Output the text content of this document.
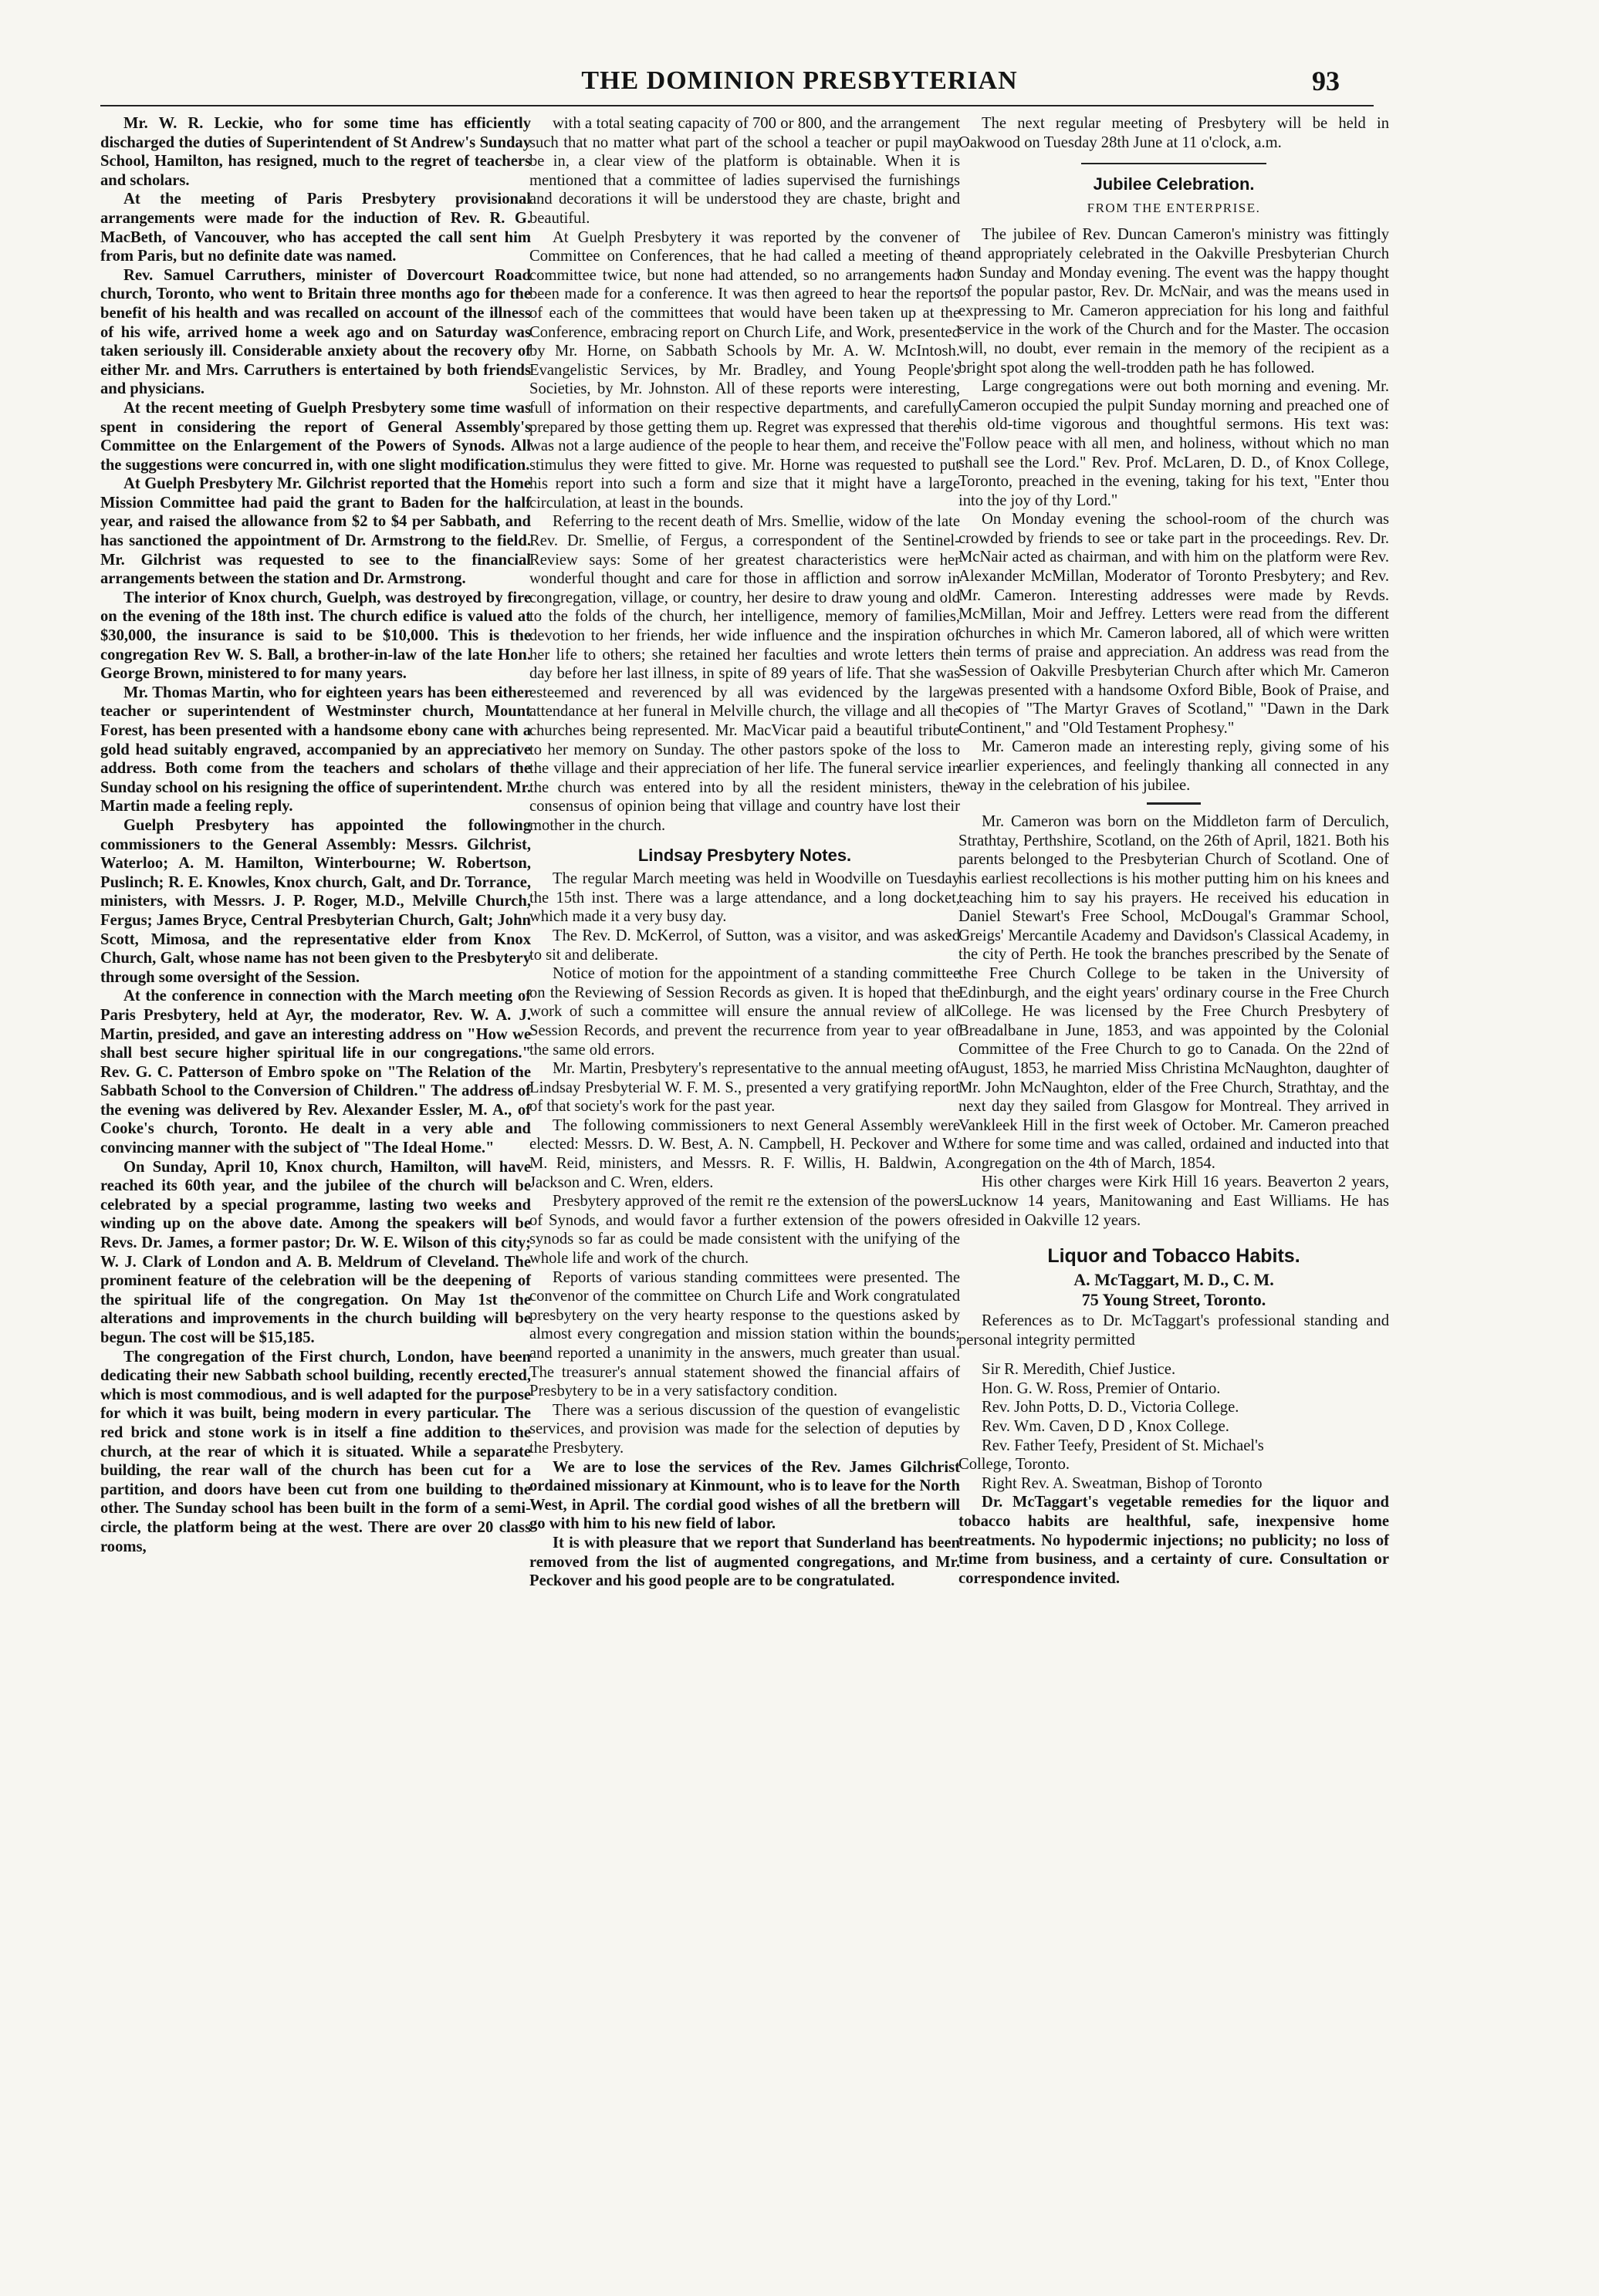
THE DOMINION PRESBYTERIAN	93

Mr. W. R. Leckie, who for some time has efficiently discharged the duties of Superintendent of St Andrew's Sunday School, Hamilton, has resigned, much to the regret of teachers and scholars.

At the meeting of Paris Presbytery provisional arrangements were made for the induction of Rev. R. G. MacBeth, of Vancouver, who has accepted the call sent him from Paris, but no definite date was named.

Rev. Samuel Carruthers, minister of Dovercourt Road church, Toronto, who went to Britain three months ago for the benefit of his health and was recalled on account of the illness of his wife, arrived home a week ago and on Saturday was taken seriously ill. Considerable anxiety about the recovery of either Mr. and Mrs. Carruthers is entertained by both friends and physicians.

At the recent meeting of Guelph Presbytery some time was spent in considering the report of General Assembly's Committee on the Enlargement of the Powers of Synods. All the suggestions were concurred in, with one slight modification.

At Guelph Presbytery Mr. Gilchrist reported that the Home Mission Committee had paid the grant to Baden for the half year, and raised the allowance from $2 to $4 per Sabbath, and has sanctioned the appointment of Dr. Armstrong to the field. Mr. Gilchrist was requested to see to the financial arrangements between the station and Dr. Armstrong.

The interior of Knox church, Guelph, was destroyed by fire on the evening of the 18th inst. The church edifice is valued at $30,000, the insurance is said to be $10,000. This is the congregation Rev W. S. Ball, a brother-in-law of the late Hon. George Brown, ministered to for many years.

Mr. Thomas Martin, who for eighteen years has been either teacher or superintendent of Westminster church, Mount Forest, has been presented with a handsome ebony cane with a gold head suitably engraved, accompanied by an appreciative address. Both come from the teachers and scholars of the Sunday school on his resigning the office of superintendent. Mr. Martin made a feeling reply.

Guelph Presbytery has appointed the following commissioners to the General Assembly: Messrs. Gilchrist, Waterloo; A. M. Hamilton, Winterbourne; W. Robertson, Puslinch; R. E. Knowles, Knox church, Galt, and Dr. Torrance, ministers, with Messrs. J. P. Roger, M.D., Melville Church, Fergus; James Bryce, Central Presbyterian Church, Galt; John Scott, Mimosa, and the representative elder from Knox Church, Galt, whose name has not been given to the Presbytery through some oversight of the Session.

At the conference in connection with the March meeting of Paris Presbytery, held at Ayr, the moderator, Rev. W. A. J. Martin, presided, and gave an interesting address on "How we shall best secure higher spiritual life in our congregations." Rev. G. C. Patterson of Embro spoke on "The Relation of the Sabbath School to the Conversion of Children." The address of the evening was delivered by Rev. Alexander Essler, M. A., of Cooke's church, Toronto. He dealt in a very able and convincing manner with the subject of "The Ideal Home."

On Sunday, April 10, Knox church, Hamilton, will have reached its 60th year, and the jubilee of the church will be celebrated by a special programme, lasting two weeks and winding up on the above date. Among the speakers will be Revs. Dr. James, a former pastor; Dr. W. E. Wilson of this city; W. J. Clark of London and A. B. Meldrum of Cleveland. The prominent feature of the celebration will be the deepening of the spiritual life of the congregation. On May 1st the alterations and improvements in the church building will be begun. The cost will be $15,185.

The congregation of the First church, London, have been dedicating their new Sabbath school building, recently erected, which is most commodious, and is well adapted for the purpose for which it was built, being modern in every particular. The red brick and stone work is in itself a fine addition to the church, at the rear of which it is situated. While a separate building, the rear wall of the church has been cut for a partition, and doors have been cut from one building to the other. The Sunday school has been built in the form of a semi-circle, the platform being at the west. There are over 20 class rooms,

with a total seating capacity of 700 or 800, and the arrangement such that no matter what part of the school a teacher or pupil may be in, a clear view of the platform is obtainable. When it is mentioned that a committee of ladies supervised the furnishings and decorations it will be understood they are chaste, bright and beautiful.

At Guelph Presbytery it was reported by the convener of Committee on Conferences, that he had called a meeting of the committee twice, but none had attended, so no arrangements had been made for a conference. It was then agreed to hear the reports of each of the committees that would have been taken up at the Conference, embracing report on Church Life, and Work, presented by Mr. Horne, on Sabbath Schools by Mr. A. W. McIntosh. Evangelistic Services, by Mr. Bradley, and Young People's Societies, by Mr. Johnston. All of these reports were interesting, full of information on their respective departments, and carefully prepared by those getting them up. Regret was expressed that there was not a large audience of the people to hear them, and receive the stimulus they were fitted to give. Mr. Horne was requested to put his report into such a form and size that it might have a large circulation, at least in the bounds.

Referring to the recent death of Mrs. Smellie, widow of the late Rev. Dr. Smellie, of Fergus, a correspondent of the Sentinel-Review says: Some of her greatest characteristics were her wonderful thought and care for those in affliction and sorrow in congregation, village, or country, her desire to draw young and old to the folds of the church, her intelligence, memory of families, devotion to her friends, her wide influence and the inspiration of her life to others; she retained her faculties and wrote letters the day before her last illness, in spite of 89 years of life. That she was esteemed and reverenced by all was evidenced by the large attendance at her funeral in Melville church, the village and all the churches being represented. Mr. MacVicar paid a beautiful tribute to her memory on Sunday. The other pastors spoke of the loss to the village and their appreciation of her life. The funeral service in the church was entered into by all the resident ministers, the consensus of opinion being that village and country have lost their mother in the church.

Lindsay Presbytery Notes.

The regular March meeting was held in Woodville on Tuesday the 15th inst. There was a large attendance, and a long docket, which made it a very busy day.

The Rev. D. McKerrol, of Sutton, was a visitor, and was asked to sit and deliberate.

Notice of motion for the appointment of a standing committee on the Reviewing of Session Records as given. It is hoped that the work of such a committee will ensure the annual review of all Session Records, and prevent the recurrence from year to year of the same old errors.

Mr. Martin, Presbytery's representative to the annual meeting of Lindsay Presbyterial W. F. M. S., presented a very gratifying report of that society's work for the past year.

The following commissioners to next General Assembly were elected: Messrs. D. W. Best, A. N. Campbell, H. Peckover and W. M. Reid, ministers, and Messrs. R. F. Willis, H. Baldwin, A. Jackson and C. Wren, elders.

Presbytery approved of the remit re the extension of the powers of Synods, and would favor a further extension of the powers of synods so far as could be made consistent with the unifying of the whole life and work of the church.

Reports of various standing committees were presented. The convenor of the committee on Church Life and Work congratulated presbytery on the very hearty response to the questions asked by almost every congregation and mission station within the bounds; and reported a unanimity in the answers, much greater than usual. The treasurer's annual statement showed the financial affairs of Presbytery to be in a very satisfactory condition.

There was a serious discussion of the question of evangelistic services, and provision was made for the selection of deputies by the Presbytery.

We are to lose the services of the Rev. James Gilchrist ordained missionary at Kinmount, who is to leave for the North West, in April. The cordial good wishes of all the bretbern will go with him to his new field of labor.

It is with pleasure that we report that Sunderland has been removed from the list of augmented congregations, and Mr. Peckover and his good people are to be congratulated.

The next regular meeting of Presbytery will be held in Oakwood on Tuesday 28th June at 11 o'clock, a.m.

Jubilee Celebration.
FROM THE ENTERPRISE.

The jubilee of Rev. Duncan Cameron's ministry was fittingly and appropriately celebrated in the Oakville Presbyterian Church on Sunday and Monday evening. The event was the happy thought of the popular pastor, Rev. Dr. McNair, and was the means used in expressing to Mr. Cameron appreciation for his long and faithful service in the work of the Church and for the Master. The occasion will, no doubt, ever remain in the memory of the recipient as a bright spot along the well-trodden path he has followed.

Large congregations were out both morning and evening. Mr. Cameron occupied the pulpit Sunday morning and preached one of his old-time vigorous and thoughtful sermons. His text was: "Follow peace with all men, and holiness, without which no man shall see the Lord." Rev. Prof. McLaren, D. D., of Knox College, Toronto, preached in the evening, taking for his text, "Enter thou into the joy of thy Lord."

On Monday evening the school-room of the church was crowded by friends to see or take part in the proceedings. Rev. Dr. McNair acted as chairman, and with him on the platform were Rev. Alexander McMillan, Moderator of Toronto Presbytery; and Rev. Mr. Cameron. Interesting addresses were made by Revds. McMillan, Moir and Jeffrey. Letters were read from the different churches in which Mr. Cameron labored, all of which were written in terms of praise and appreciation. An address was read from the Session of Oakville Presbyterian Church after which Mr. Cameron was presented with a handsome Oxford Bible, Book of Praise, and copies of "The Martyr Graves of Scotland," "Dawn in the Dark Continent," and "Old Testament Prophesy."

Mr. Cameron made an interesting reply, giving some of his earlier experiences, and feelingly thanking all connected in any way in the celebration of his jubilee.

Mr. Cameron was born on the Middleton farm of Derculich, Strathtay, Perthshire, Scotland, on the 26th of April, 1821. Both his parents belonged to the Presbyterian Church of Scotland. One of his earliest recollections is his mother putting him on his knees and teaching him to say his prayers. He received his education in Daniel Stewart's Free School, McDougal's Grammar School, Greigs' Mercantile Academy and Davidson's Classical Academy, in the city of Perth. He took the branches prescribed by the Senate of the Free Church College to be taken in the University of Edinburgh, and the eight years' ordinary course in the Free Church College. He was licensed by the Free Church Presbytery of Breadalbane in June, 1853, and was appointed by the Colonial Committee of the Free Church to go to Canada. On the 22nd of August, 1853, he married Miss Christina McNaughton, daughter of Mr. John McNaughton, elder of the Free Church, Strathtay, and the next day they sailed from Glasgow for Montreal. They arrived in Vankleek Hill in the first week of October. Mr. Cameron preached there for some time and was called, ordained and inducted into that congregation on the 4th of March, 1854.

His other charges were Kirk Hill 16 years. Beaverton 2 years, Lucknow 14 years, Manitowaning and East Williams. He has resided in Oakville 12 years.

Liquor and Tobacco Habits.
A. McTaggart, M. D., C. M.
75 Young Street, Toronto.

References as to Dr. McTaggart's professional standing and personal integrity permitted

Sir R. Meredith, Chief Justice.

Hon. G. W. Ross, Premier of Ontario.

Rev. John Potts, D. D., Victoria College.

Rev. Wm. Caven, D D , Knox College.

Rev. Father Teefy, President of St. Michael's

College, Toronto.

Right Rev. A. Sweatman, Bishop of Toronto

Dr. McTaggart's vegetable remedies for the liquor and tobacco habits are healthful, safe, inexpensive home treatments. No hypodermic injections; no publicity; no loss of time from business, and a certainty of cure. Consultation or correspondence invited.
